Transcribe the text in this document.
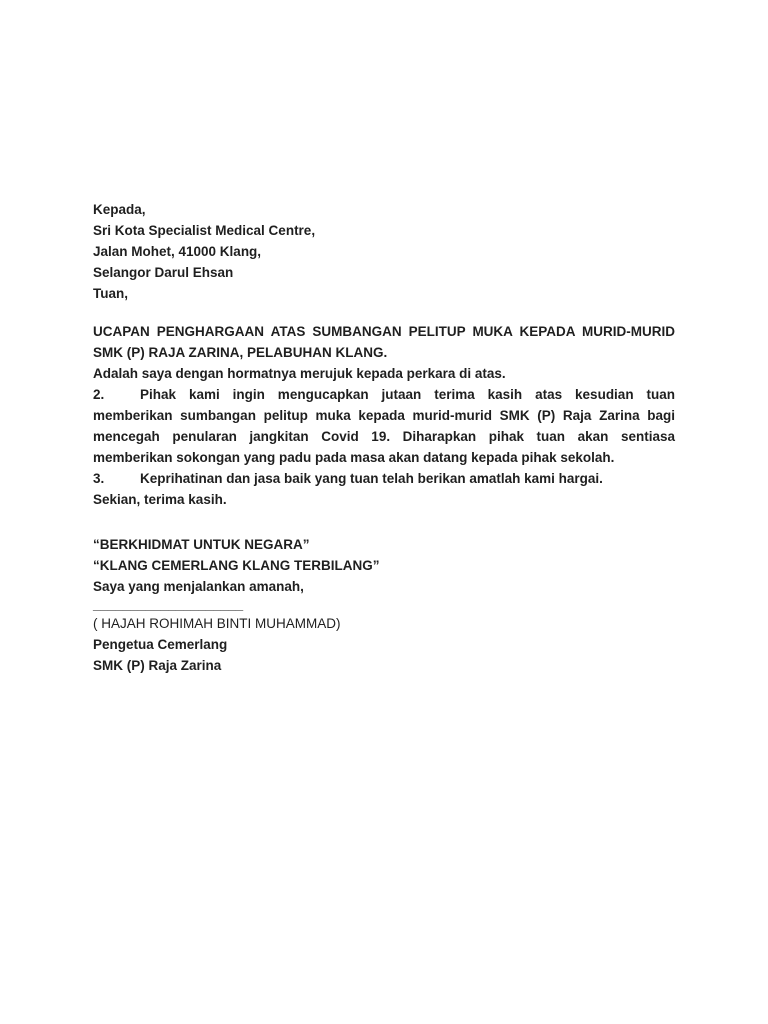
Kepada,

Sri Kota Specialist Medical Centre,

Jalan Mohet, 41000 Klang,

Selangor Darul Ehsan

Tuan,

UCAPAN PENGHARGAAN ATAS SUMBANGAN PELITUP MUKA KEPADA MURID-MURID

SMK (P) RAJA ZARINA, PELABUHAN KLANG.

Adalah saya dengan hormatnya merujuk kepada perkara di atas.

2.	Pihak kami ingin mengucapkan jutaan terima kasih atas kesudian tuan memberikan sumbangan pelitup muka kepada murid-murid SMK (P) Raja Zarina bagi mencegah penularan jangkitan Covid 19. Diharapkan pihak tuan akan sentiasa memberikan sokongan yang padu pada masa akan datang kepada pihak sekolah.

3.	Keprihatinan dan jasa baik yang tuan telah berikan amatlah kami hargai.

Sekian, terima kasih.

“BERKHIDMAT UNTUK NEGARA”

“KLANG CEMERLANG KLANG TERBILANG”

Saya yang menjalankan amanah,

____________________

( HAJAH ROHIMAH BINTI MUHAMMAD)

Pengetua Cemerlang

SMK (P) Raja Zarina
